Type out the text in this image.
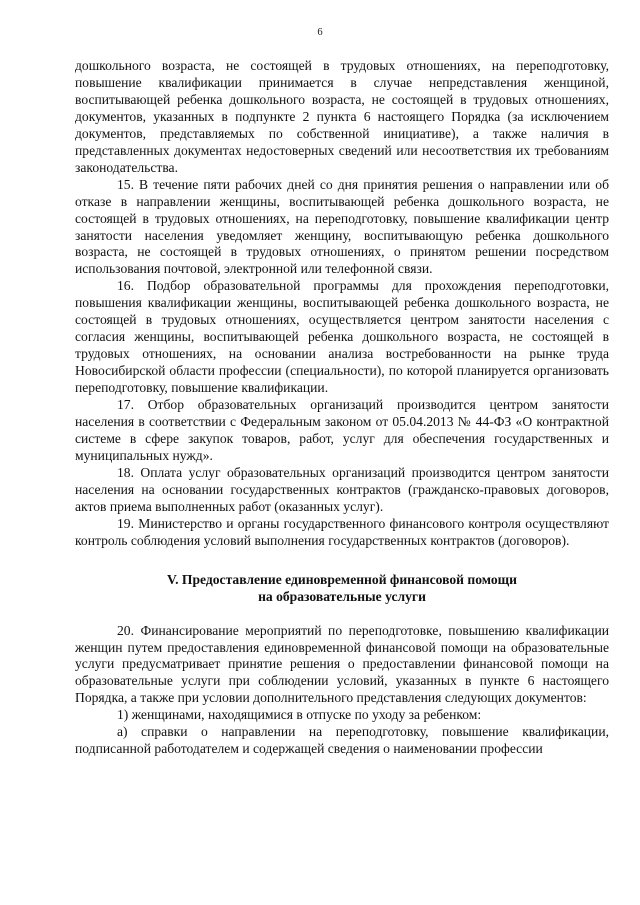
6

дошкольного возраста, не состоящей в трудовых отношениях, на переподготовку, повышение квалификации принимается в случае непредставления женщиной, воспитывающей ребенка дошкольного возраста, не состоящей в трудовых отношениях, документов, указанных в подпункте 2 пункта 6 настоящего Порядка (за исключением документов, представляемых по собственной инициативе), а также наличия в представленных документах недостоверных сведений или несоответствия их требованиям законодательства.

15. В течение пяти рабочих дней со дня принятия решения о направлении или об отказе в направлении женщины, воспитывающей ребенка дошкольного возраста, не состоящей в трудовых отношениях, на переподготовку, повышение квалификации центр занятости населения уведомляет женщину, воспитывающую ребенка дошкольного возраста, не состоящей в трудовых отношениях, о принятом решении посредством использования почтовой, электронной или телефонной связи.

16. Подбор образовательной программы для прохождения переподготовки, повышения квалификации женщины, воспитывающей ребенка дошкольного возраста, не состоящей в трудовых отношениях, осуществляется центром занятости населения с согласия женщины, воспитывающей ребенка дошкольного возраста, не состоящей в трудовых отношениях, на основании анализа востребованности на рынке труда Новосибирской области профессии (специальности), по которой планируется организовать переподготовку, повышение квалификации.

17. Отбор образовательных организаций производится центром занятости населения в соответствии с Федеральным законом от 05.04.2013 № 44-ФЗ «О контрактной системе в сфере закупок товаров, работ, услуг для обеспечения государственных и муниципальных нужд».

18. Оплата услуг образовательных организаций производится центром занятости населения на основании государственных контрактов (гражданско-правовых договоров, актов приема выполненных работ (оказанных услуг).

19. Министерство и органы государственного финансового контроля осуществляют контроль соблюдения условий выполнения государственных контрактов (договоров).

V. Предоставление единовременной финансовой помощи
на образовательные услуги

20. Финансирование мероприятий по переподготовке, повышению квалификации женщин путем предоставления единовременной финансовой помощи на образовательные услуги предусматривает принятие решения о предоставлении финансовой помощи на образовательные услуги при соблюдении условий, указанных в пункте 6 настоящего Порядка, а также при условии дополнительного представления следующих документов:

1) женщинами, находящимися в отпуске по уходу за ребенком:

а) справки о направлении на переподготовку, повышение квалификации, подписанной работодателем и содержащей сведения о наименовании профессии
